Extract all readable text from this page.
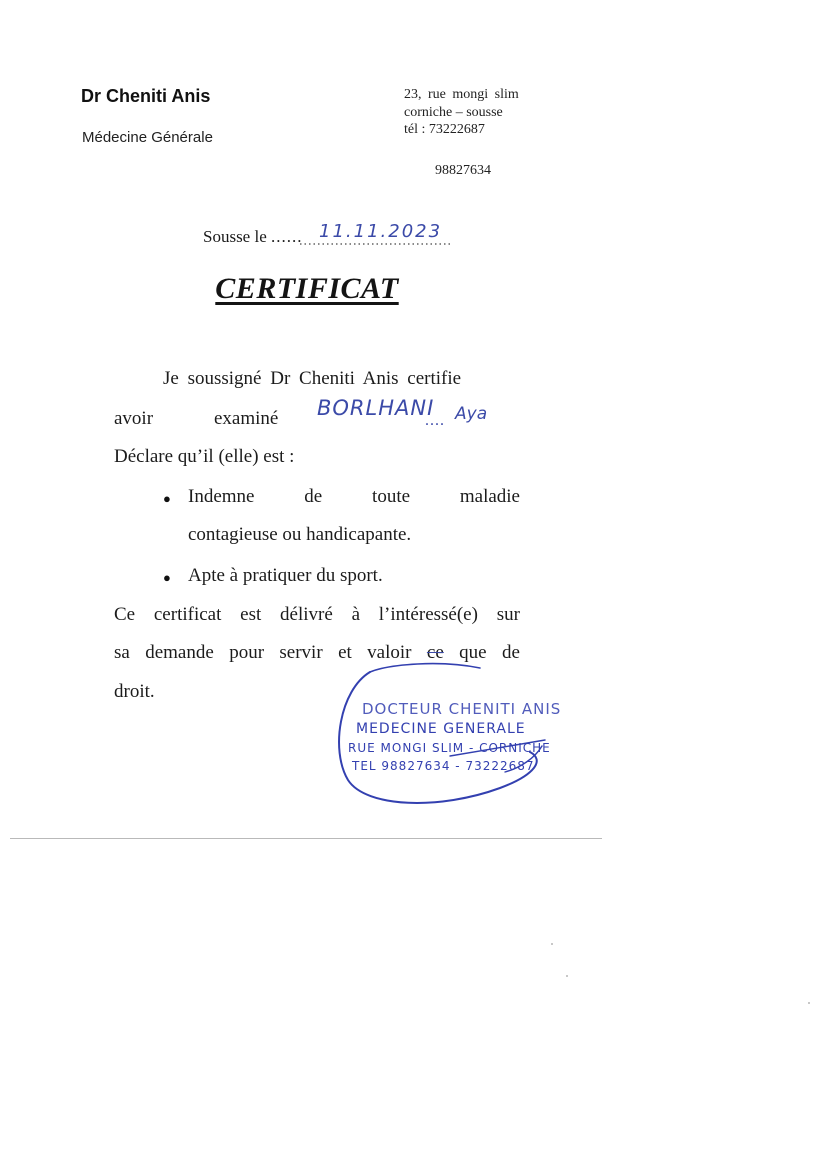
Dr Cheniti Anis
Médecine Générale
23, rue mongi slim
corniche – sousse
tél : 73222687
98827634
Sousse le ...... 11.11.2023
CERTIFICAT
Je soussigné Dr Cheniti Anis certifie
avoir	examiné BORLHANI
.... Aya
Déclare qu’il (elle) est :
● Indemne	de	toute	maladie
contagieuse ou handicapante.
● Apte à pratiquer du sport.
Ce certificat est délivré à l’intéressé(e) sur
sa demande pour servir et valoir ce que de
droit.
DOCTEUR CHENITI ANIS
MEDECINE GENERALE
RUE MONGI SLIM - CORNICHE
TEL 98827634 - 73222687
